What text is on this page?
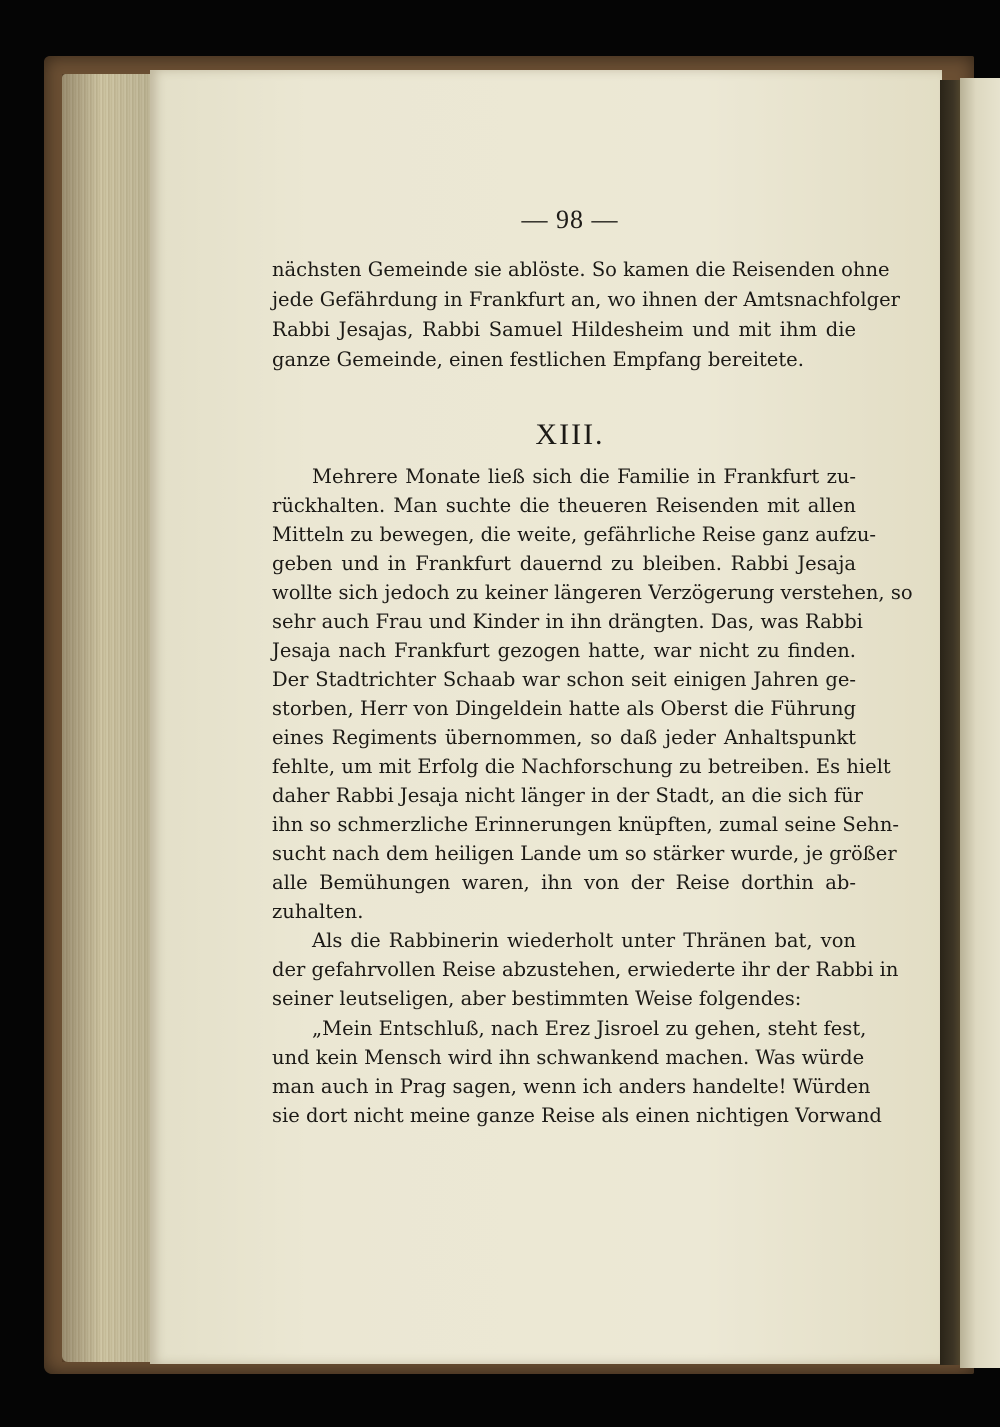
— 98 —
nächsten Gemeinde sie ablöste. So kamen die Reisenden ohne
jede Gefährdung in Frankfurt an, wo ihnen der Amtsnachfolger
Rabbi Jesajas, Rabbi Samuel Hildesheim und mit ihm die
ganze Gemeinde, einen festlichen Empfang bereitete.
XIII.
Mehrere Monate ließ sich die Familie in Frankfurt zu-
rückhalten. Man suchte die theueren Reisenden mit allen
Mitteln zu bewegen, die weite, gefährliche Reise ganz aufzu-
geben und in Frankfurt dauernd zu bleiben. Rabbi Jesaja
wollte sich jedoch zu keiner längeren Verzögerung verstehen, so
sehr auch Frau und Kinder in ihn drängten. Das, was Rabbi
Jesaja nach Frankfurt gezogen hatte, war nicht zu finden.
Der Stadtrichter Schaab war schon seit einigen Jahren ge-
storben, Herr von Dingeldein hatte als Oberst die Führung
eines Regiments übernommen, so daß jeder Anhaltspunkt
fehlte, um mit Erfolg die Nachforschung zu betreiben. Es hielt
daher Rabbi Jesaja nicht länger in der Stadt, an die sich für
ihn so schmerzliche Erinnerungen knüpften, zumal seine Sehn-
sucht nach dem heiligen Lande um so stärker wurde, je größer
alle Bemühungen waren, ihn von der Reise dorthin ab-
zuhalten.
Als die Rabbinerin wiederholt unter Thränen bat, von
der gefahrvollen Reise abzustehen, erwiederte ihr der Rabbi in
seiner leutseligen, aber bestimmten Weise folgendes:
„Mein Entschluß, nach Erez Jisroel zu gehen, steht fest,
und kein Mensch wird ihn schwankend machen. Was würde
man auch in Prag sagen, wenn ich anders handelte! Würden
sie dort nicht meine ganze Reise als einen nichtigen Vorwand
